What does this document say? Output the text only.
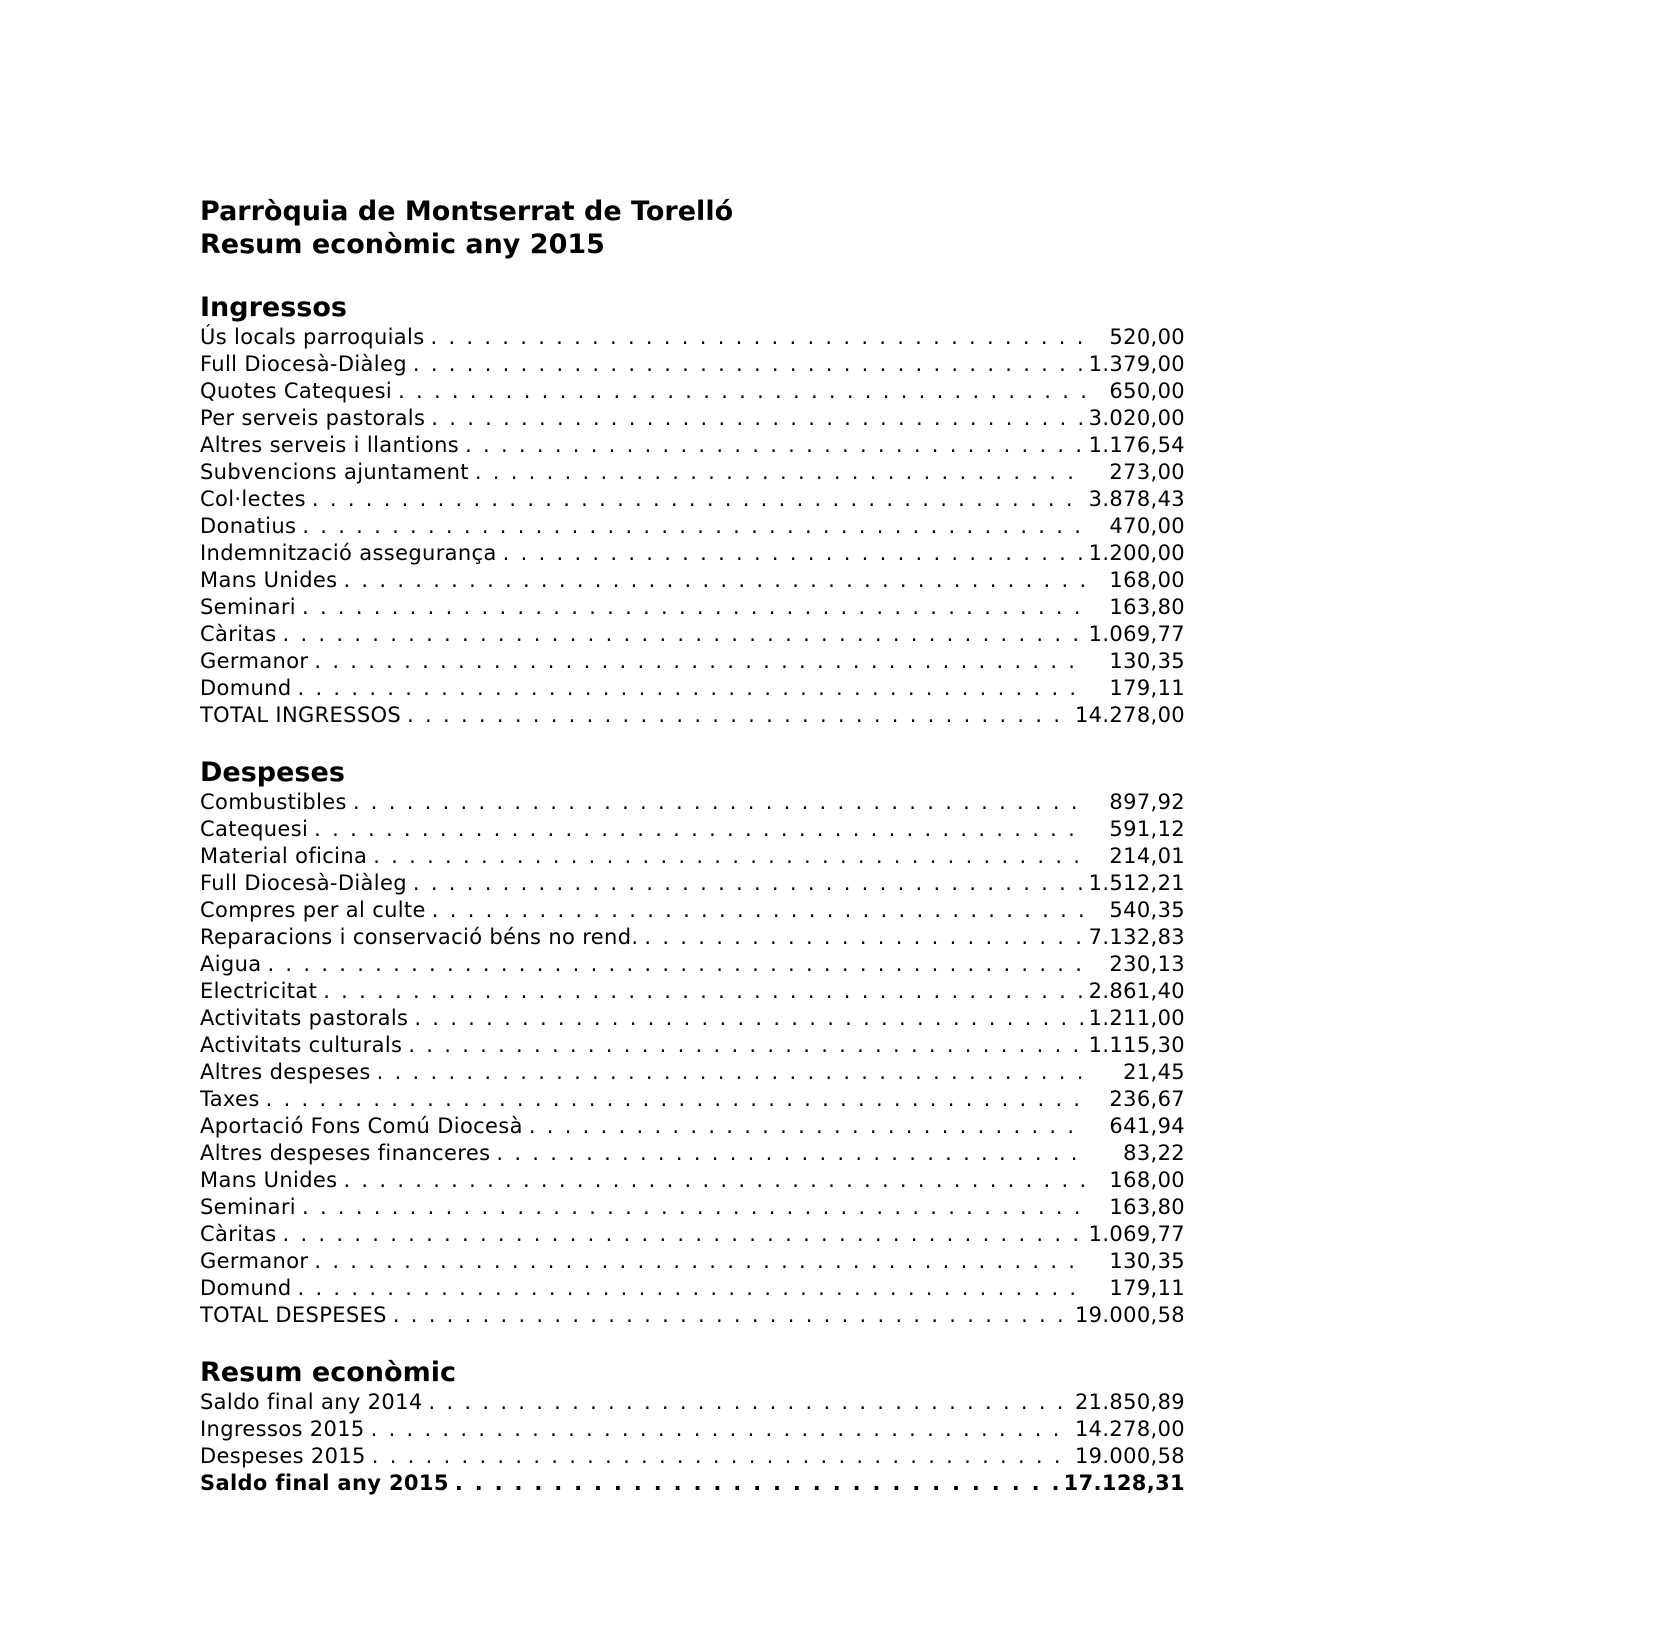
Parròquia de Montserrat de Torelló
Resum econòmic any 2015
Ingressos
Ús locals parroquials . . .	520,00
Full Diocesà-Diàleg . . .	1.379,00
Quotes Catequesi . . .	650,00
Per serveis pastorals . . .	3.020,00
Altres serveis i llantions . . .	1.176,54
Subvencions ajuntament . . .	273,00
Col·lectes . . .	3.878,43
Donatius . . .	470,00
Indemnització assegurança . . .	1.200,00
Mans Unides . . .	168,00
Seminari . . .	163,80
Càritas . . .	1.069,77
Germanor . . .	130,35
Domund . . .	179,11
TOTAL INGRESSOS . . .	14.278,00
Despeses
Combustibles . . .	897,92
Catequesi . . .	591,12
Material oficina . . .	214,01
Full Diocesà-Diàleg . . .	1.512,21
Compres per al culte . . .	540,35
Reparacions i conservació béns no rend. . . .	7.132,83
Aigua . . .	230,13
Electricitat . . .	2.861,40
Activitats pastorals . . .	1.211,00
Activitats culturals . . .	1.115,30
Altres despeses . . .	21,45
Taxes . . .	236,67
Aportació Fons Comú Diocesà . . .	641,94
Altres despeses financeres . . .	83,22
Mans Unides . . .	168,00
Seminari . . .	163,80
Càritas . . .	1.069,77
Germanor . . .	130,35
Domund . . .	179,11
TOTAL DESPESES . . .	19.000,58
Resum econòmic
Saldo final any 2014 . . .	21.850,89
Ingressos 2015 . . .	14.278,00
Despeses 2015 . . .	19.000,58
Saldo final any 2015 . . .	17.128,31
